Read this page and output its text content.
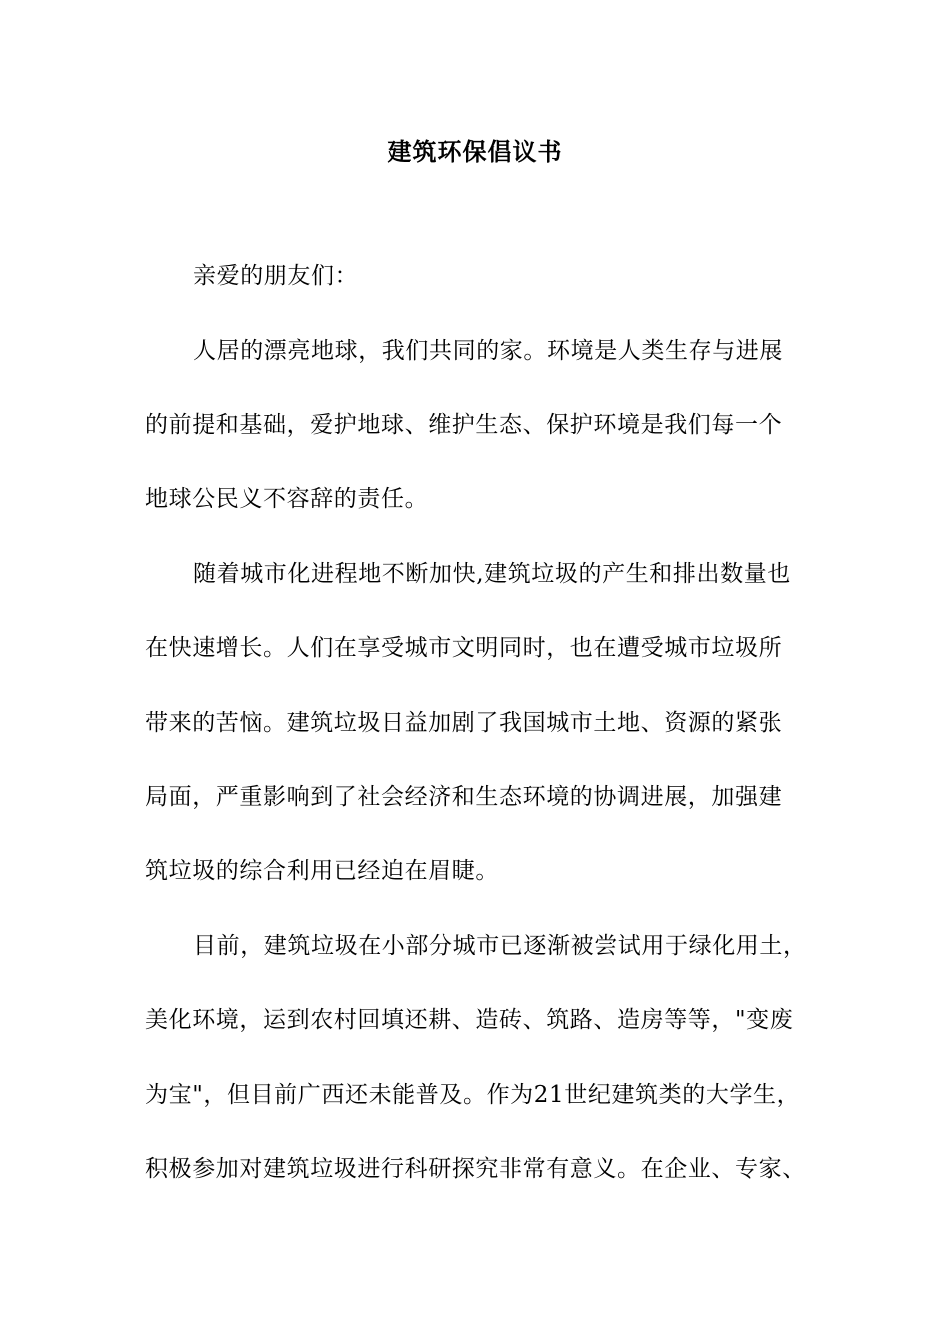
建筑环保倡议书
亲爱的朋友们：
人居的漂亮地球，我们共同的家。环境是人类生存与进展
的前提和基础，爱护地球、维护生态、保护环境是我们每一个
地球公民义不容辞的责任。
随着城市化进程地不断加快,建筑垃圾的产生和排出数量也
在快速增长。人们在享受城市文明同时，也在遭受城市垃圾所
带来的苦恼。建筑垃圾日益加剧了我国城市土地、资源的紧张
局面，严重影响到了社会经济和生态环境的协调进展，加强建
筑垃圾的综合利用已经迫在眉睫。
目前，建筑垃圾在小部分城市已逐渐被尝试用于绿化用土，
美化环境，运到农村回填还耕、造砖、筑路、造房等等，"变废
为宝"，但目前广西还未能普及。作为21世纪建筑类的大学生，
积极参加对建筑垃圾进行科研探究非常有意义。在企业、专家、
